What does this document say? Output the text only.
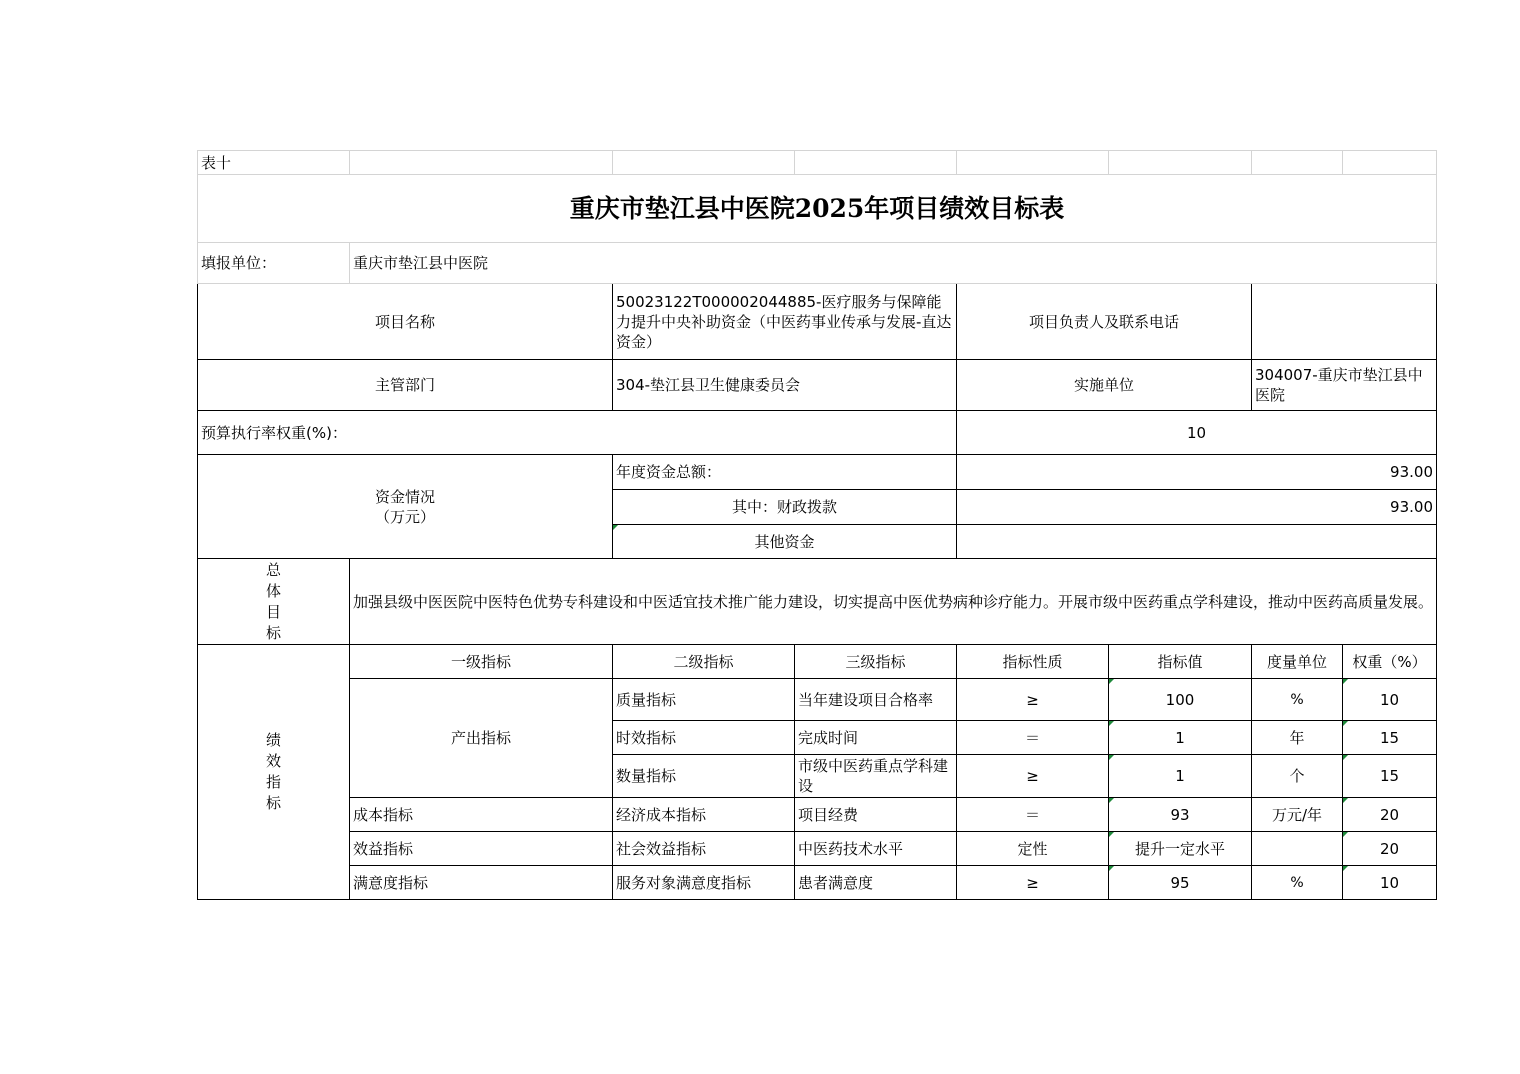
表十							
重庆市垫江县中医院2025年项目绩效目标表							
填报单位：	重庆市垫江县中医院						
项目名称		50023122T000002044885-医疗服务与保障能力提升中央补助资金（中医药事业传承与发展-直达资金）		项目负责人及联系电话			
主管部门		304-垫江县卫生健康委员会		实施单位		304007-重庆市垫江县中医院	
预算执行率权重(%)：				10			

资金情况
（万元）		年度资金总额：		93.00			
		其中：财政拨款		93.00			
		其他资金					
总
体
目
标	加强县级中医医院中医特色优势专科建设和中医适宜技术推广能力建设，切实提高中医优势病种诊疗能力。开展市级中医药重点学科建设，推动中医药高质量发展。						
绩
效
指
标	一级指标	二级指标	三级指标	指标性质	指标值	度量单位	权重（%）
	产出指标	质量指标	当年建设项目合格率	≥	100	%	10
		时效指标	完成时间	＝	1	年	15
		数量指标	市级中医药重点学科建设	≥	1	个	15
	成本指标	经济成本指标	项目经费	＝	93	万元/年	20
	效益指标	社会效益指标	中医药技术水平	定性	提升一定水平		20
	满意度指标	服务对象满意度指标	患者满意度	≥	95	%	10
